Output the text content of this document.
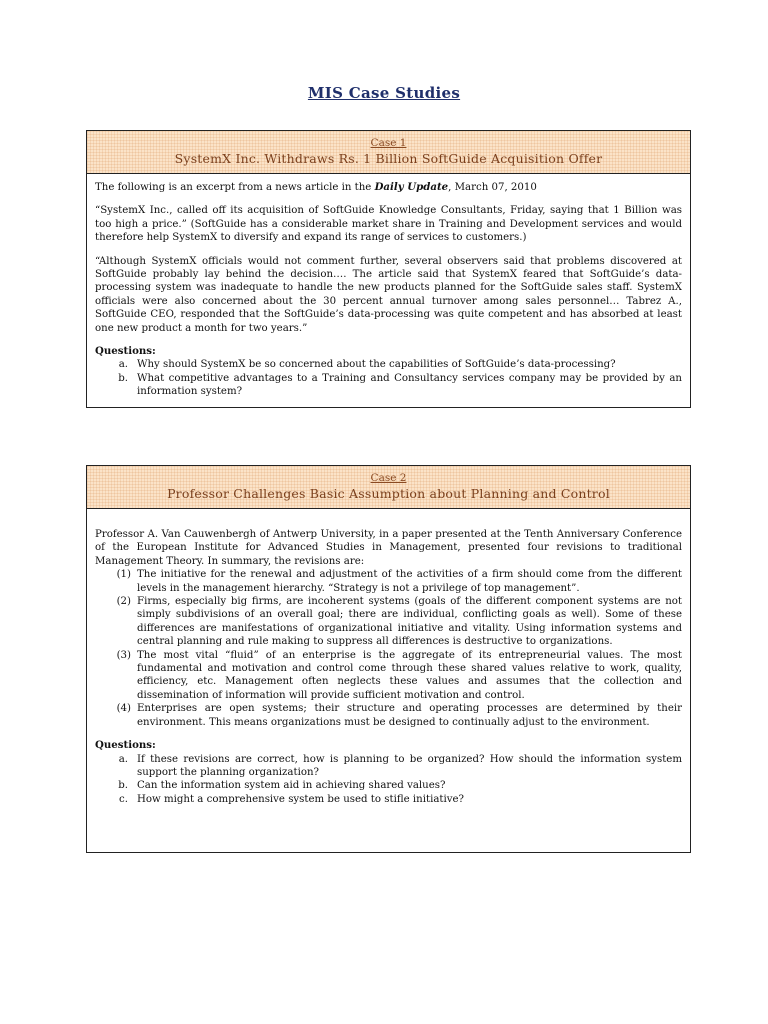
MIS Case Studies
Case 1
SystemX Inc. Withdraws Rs. 1 Billion SoftGuide Acquisition Offer

The following is an excerpt from a news article in the Daily Update, March 07, 2010

“SystemX Inc., called off its acquisition of SoftGuide Knowledge Consultants, Friday, saying that 1 Billion was too high a price.” (SoftGuide has a considerable market share in Training and Development services and would therefore help SystemX to diversify and expand its range of services to customers.)

“Although SystemX officials would not comment further, several observers said that problems discovered at SoftGuide probably lay behind the decision…. The article said that SystemX feared that SoftGuide’s data-processing system was inadequate to handle the new products planned for the SoftGuide sales staff. SystemX officials were also concerned about the 30 percent annual turnover among sales personnel… Tabrez A., SoftGuide CEO, responded that the SoftGuide’s data-processing was quite competent and has absorbed at least one new product a month for two years.”

Questions:

a. Why should SystemX be so concerned about the capabilities of SoftGuide’s data-processing?
b. What competitive advantages to a Training and Consultancy services company may be provided by an information system?
Case 2
Professor Challenges Basic Assumption about Planning and Control

Professor A. Van Cauwenbergh of Antwerp University, in a paper presented at the Tenth Anniversary Conference of the European Institute for Advanced Studies in Management, presented four revisions to traditional Management Theory. In summary, the revisions are:

(1) The initiative for the renewal and adjustment of the activities of a firm should come from the different levels in the management hierarchy. “Strategy is not a privilege of top management”.
(2) Firms, especially big firms, are incoherent systems (goals of the different component systems are not simply subdivisions of an overall goal; there are individual, conflicting goals as well). Some of these differences are manifestations of organizational initiative and vitality. Using information systems and central planning and rule making to suppress all differences is destructive to organizations.
(3) The most vital “fluid” of an enterprise is the aggregate of its entrepreneurial values. The most fundamental and motivation and control come through these shared values relative to work, quality, efficiency, etc. Management often neglects these values and assumes that the collection and dissemination of information will provide sufficient motivation and control.
(4) Enterprises are open systems; their structure and operating processes are determined by their environment. This means organizations must be designed to continually adjust to the environment.

Questions:

a. If these revisions are correct, how is planning to be organized? How should the information system support the planning organization?
b. Can the information system aid in achieving shared values?
c. How might a comprehensive system be used to stifle initiative?
